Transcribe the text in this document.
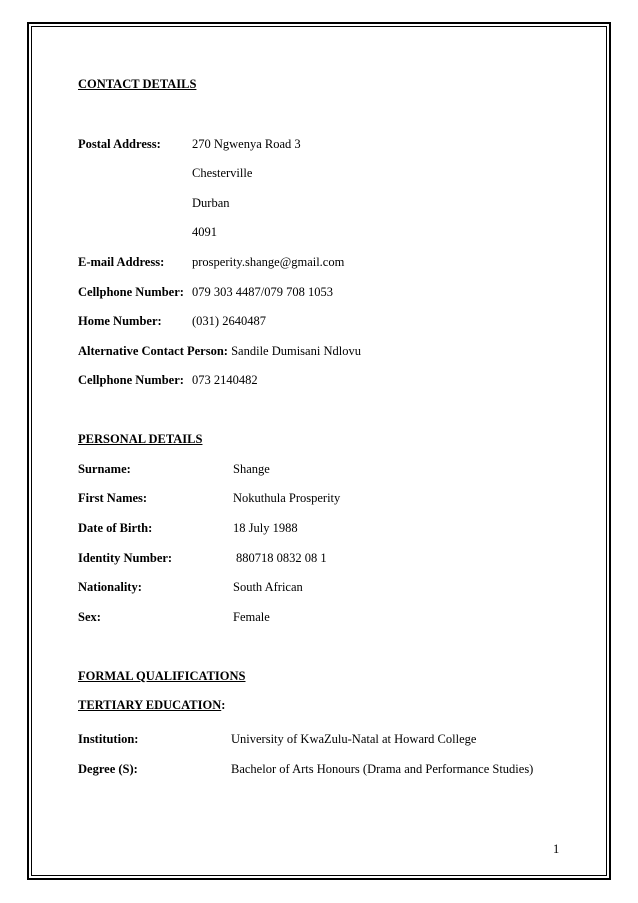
CONTACT DETAILS
Postal Address: 270 Ngwenya Road 3
Chesterville
Durban
4091
E-mail Address: prosperity.shange@gmail.com
Cellphone Number: 079 303 4487/079 708 1053
Home Number: (031) 2640487
Alternative Contact Person: Sandile Dumisani Ndlovu
Cellphone Number: 073 2140482
PERSONAL DETAILS
Surname:	Shange
First Names:	Nokuthula Prosperity
Date of Birth:	18 July 1988
Identity Number:	880718 0832 08 1
Nationality:	South African
Sex:	Female
FORMAL QUALIFICATIONS
TERTIARY EDUCATION:
Institution:	University of KwaZulu-Natal at Howard College
Degree (S):	Bachelor of Arts Honours (Drama and Performance Studies)
1
